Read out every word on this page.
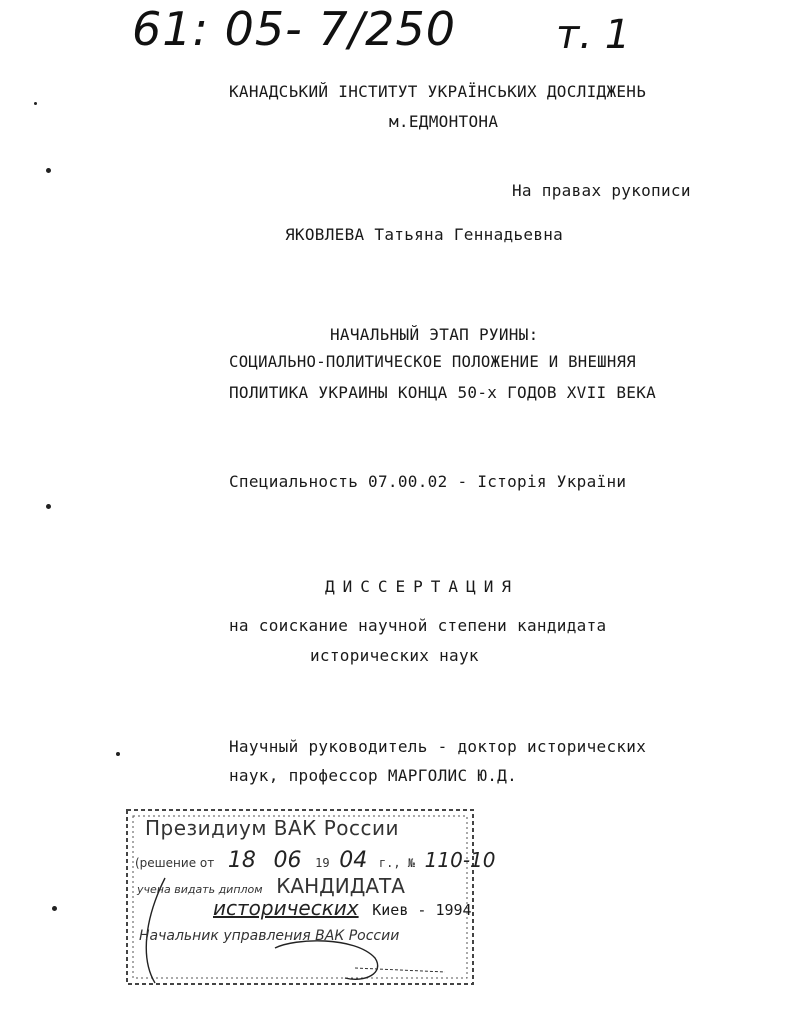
61: 05- 7/250	т. 1
КАНАДСЬКИЙ ІНСТИТУТ УКРАЇНСЬКИХ ДОСЛІДЖЕНЬ
м.ЕДМОНТОНА
На правах рукописи
ЯКОВЛЕВА Татьяна Геннадьевна
НАЧАЛЬНЫЙ ЭТАП РУИНЫ:
СОЦИАЛЬНО-ПОЛИТИЧЕСКОЕ ПОЛОЖЕНИЕ И ВНЕШНЯЯ
ПОЛИТИКА УКРАИНЫ КОНЦА 50-х ГОДОВ XVII ВЕКА
Специальность 07.00.02 - Історія України
ДИССЕРТАЦИЯ
на соискание научной степени кандидата
исторических наук
Научный руководитель - доктор исторических
наук, профессор МАРГОЛИС Ю.Д.
Президиум ВАК России
(решение от 18 06 19 04 г., № 110-10
учена видать диплом КАНДИДАТА
исторических Киев - 1994
Начальник управления ВАК России
